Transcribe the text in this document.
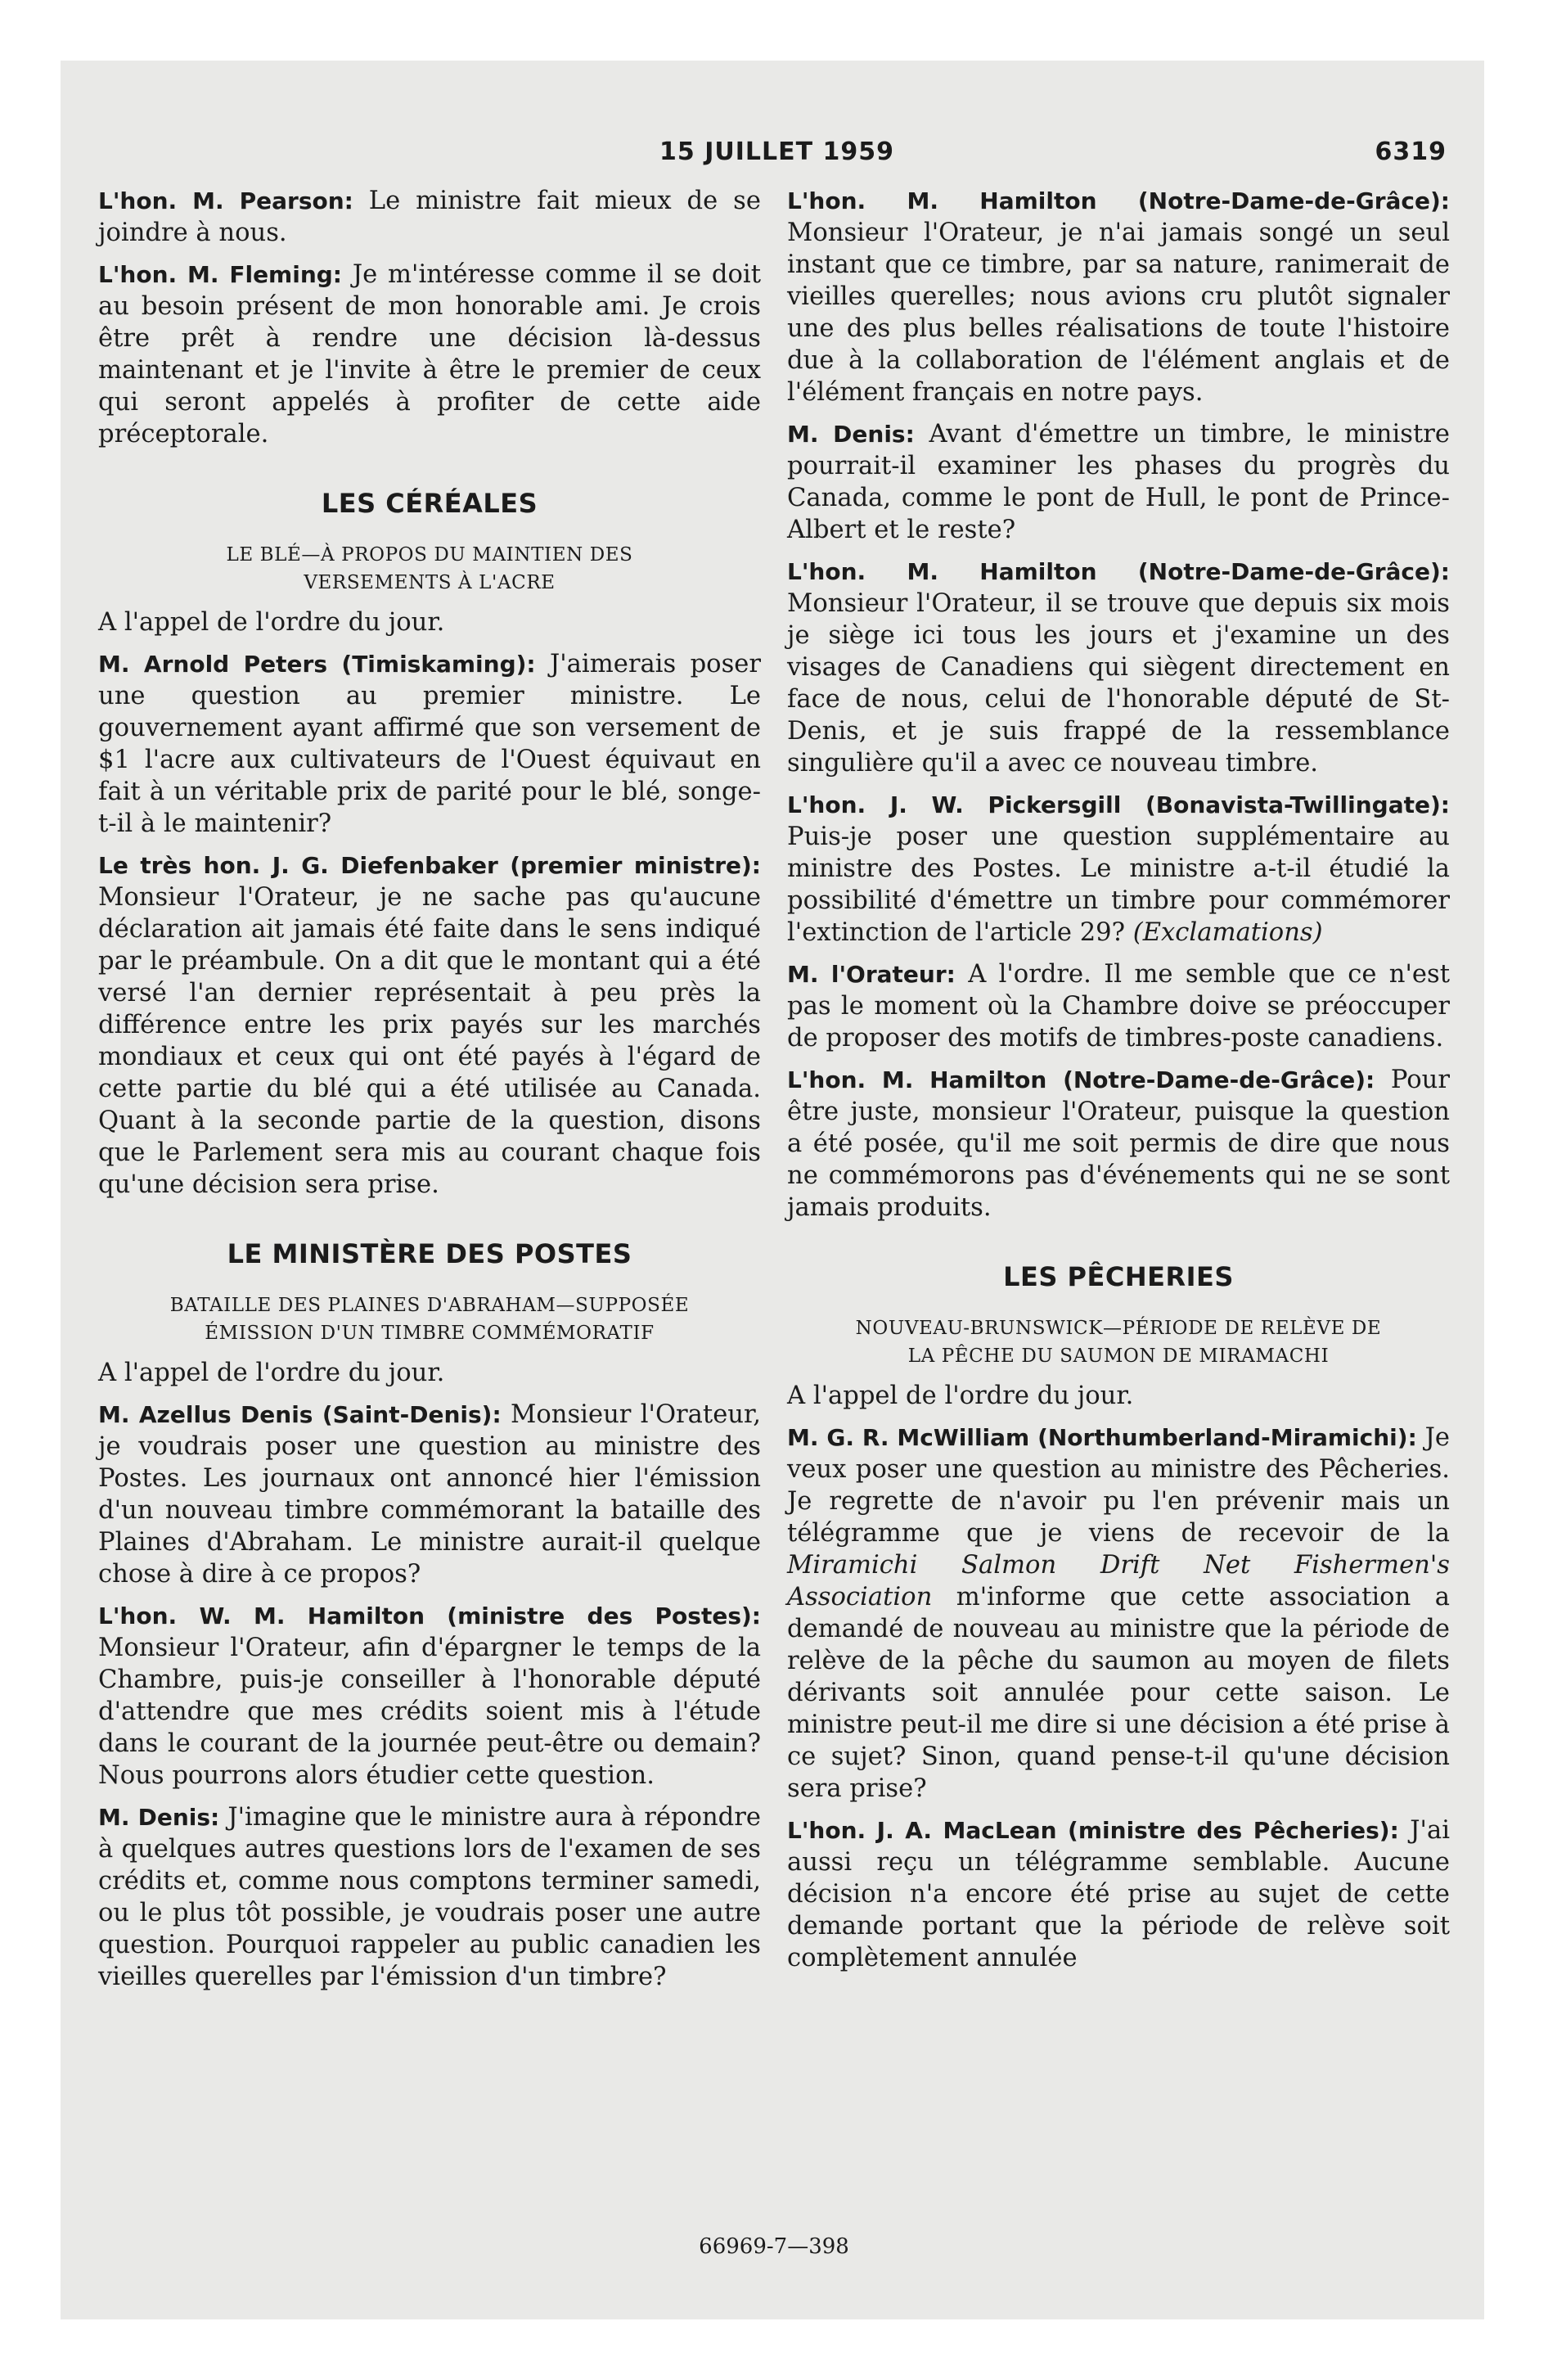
15 JUILLET 1959	6319

L'hon. M. Pearson: Le ministre fait mieux de se joindre à nous.

L'hon. M. Fleming: Je m'intéresse comme il se doit au besoin présent de mon honorable ami. Je crois être prêt à rendre une décision là-dessus maintenant et je l'invite à être le premier de ceux qui seront appelés à profiter de cette aide préceptorale.

LES CÉRÉALES
LE BLÉ—À PROPOS DU MAINTIEN DES
VERSEMENTS À L'ACRE

A l'appel de l'ordre du jour.

M. Arnold Peters (Timiskaming): J'aimerais poser une question au premier ministre. Le gouvernement ayant affirmé que son versement de $1 l'acre aux cultivateurs de l'Ouest équivaut en fait à un véritable prix de parité pour le blé, songe-t-il à le maintenir?

Le très hon. J. G. Diefenbaker (premier ministre): Monsieur l'Orateur, je ne sache pas qu'aucune déclaration ait jamais été faite dans le sens indiqué par le préambule. On a dit que le montant qui a été versé l'an dernier représentait à peu près la différence entre les prix payés sur les marchés mondiaux et ceux qui ont été payés à l'égard de cette partie du blé qui a été utilisée au Canada. Quant à la seconde partie de la question, disons que le Parlement sera mis au courant chaque fois qu'une décision sera prise.

LE MINISTÈRE DES POSTES
BATAILLE DES PLAINES D'ABRAHAM—SUPPOSÉE
ÉMISSION D'UN TIMBRE COMMÉMORATIF

A l'appel de l'ordre du jour.

M. Azellus Denis (Saint-Denis): Monsieur l'Orateur, je voudrais poser une question au ministre des Postes. Les journaux ont annoncé hier l'émission d'un nouveau timbre commémorant la bataille des Plaines d'Abraham. Le ministre aurait-il quelque chose à dire à ce propos?

L'hon. W. M. Hamilton (ministre des Postes): Monsieur l'Orateur, afin d'épargner le temps de la Chambre, puis-je conseiller à l'honorable député d'attendre que mes crédits soient mis à l'étude dans le courant de la journée peut-être ou demain? Nous pourrons alors étudier cette question.

M. Denis: J'imagine que le ministre aura à répondre à quelques autres questions lors de l'examen de ses crédits et, comme nous comptons terminer samedi, ou le plus tôt possible, je voudrais poser une autre question. Pourquoi rappeler au public canadien les vieilles querelles par l'émission d'un timbre?

L'hon. M. Hamilton (Notre-Dame-de-Grâce): Monsieur l'Orateur, je n'ai jamais songé un seul instant que ce timbre, par sa nature, ranimerait de vieilles querelles; nous avions cru plutôt signaler une des plus belles réalisations de toute l'histoire due à la collaboration de l'élément anglais et de l'élément français en notre pays.

M. Denis: Avant d'émettre un timbre, le ministre pourrait-il examiner les phases du progrès du Canada, comme le pont de Hull, le pont de Prince-Albert et le reste?

L'hon. M. Hamilton (Notre-Dame-de-Grâce): Monsieur l'Orateur, il se trouve que depuis six mois je siège ici tous les jours et j'examine un des visages de Canadiens qui siègent directement en face de nous, celui de l'honorable député de St-Denis, et je suis frappé de la ressemblance singulière qu'il a avec ce nouveau timbre.

L'hon. J. W. Pickersgill (Bonavista-Twillingate): Puis-je poser une question supplémentaire au ministre des Postes. Le ministre a-t-il étudié la possibilité d'émettre un timbre pour commémorer l'extinction de l'article 29? (Exclamations)

M. l'Orateur: A l'ordre. Il me semble que ce n'est pas le moment où la Chambre doive se préoccuper de proposer des motifs de timbres-poste canadiens.

L'hon. M. Hamilton (Notre-Dame-de-Grâce): Pour être juste, monsieur l'Orateur, puisque la question a été posée, qu'il me soit permis de dire que nous ne commémorons pas d'événements qui ne se sont jamais produits.

LES PÊCHERIES
NOUVEAU-BRUNSWICK—PÉRIODE DE RELÈVE DE
LA PÊCHE DU SAUMON DE MIRAMACHI

A l'appel de l'ordre du jour.

M. G. R. McWilliam (Northumberland-Miramichi): Je veux poser une question au ministre des Pêcheries. Je regrette de n'avoir pu l'en prévenir mais un télégramme que je viens de recevoir de la Miramichi Salmon Drift Net Fishermen's Association m'informe que cette association a demandé de nouveau au ministre que la période de relève de la pêche du saumon au moyen de filets dérivants soit annulée pour cette saison. Le ministre peut-il me dire si une décision a été prise à ce sujet? Sinon, quand pense-t-il qu'une décision sera prise?

L'hon. J. A. MacLean (ministre des Pêcheries): J'ai aussi reçu un télégramme semblable. Aucune décision n'a encore été prise au sujet de cette demande portant que la période de relève soit complètement annulée

66969-7—398
